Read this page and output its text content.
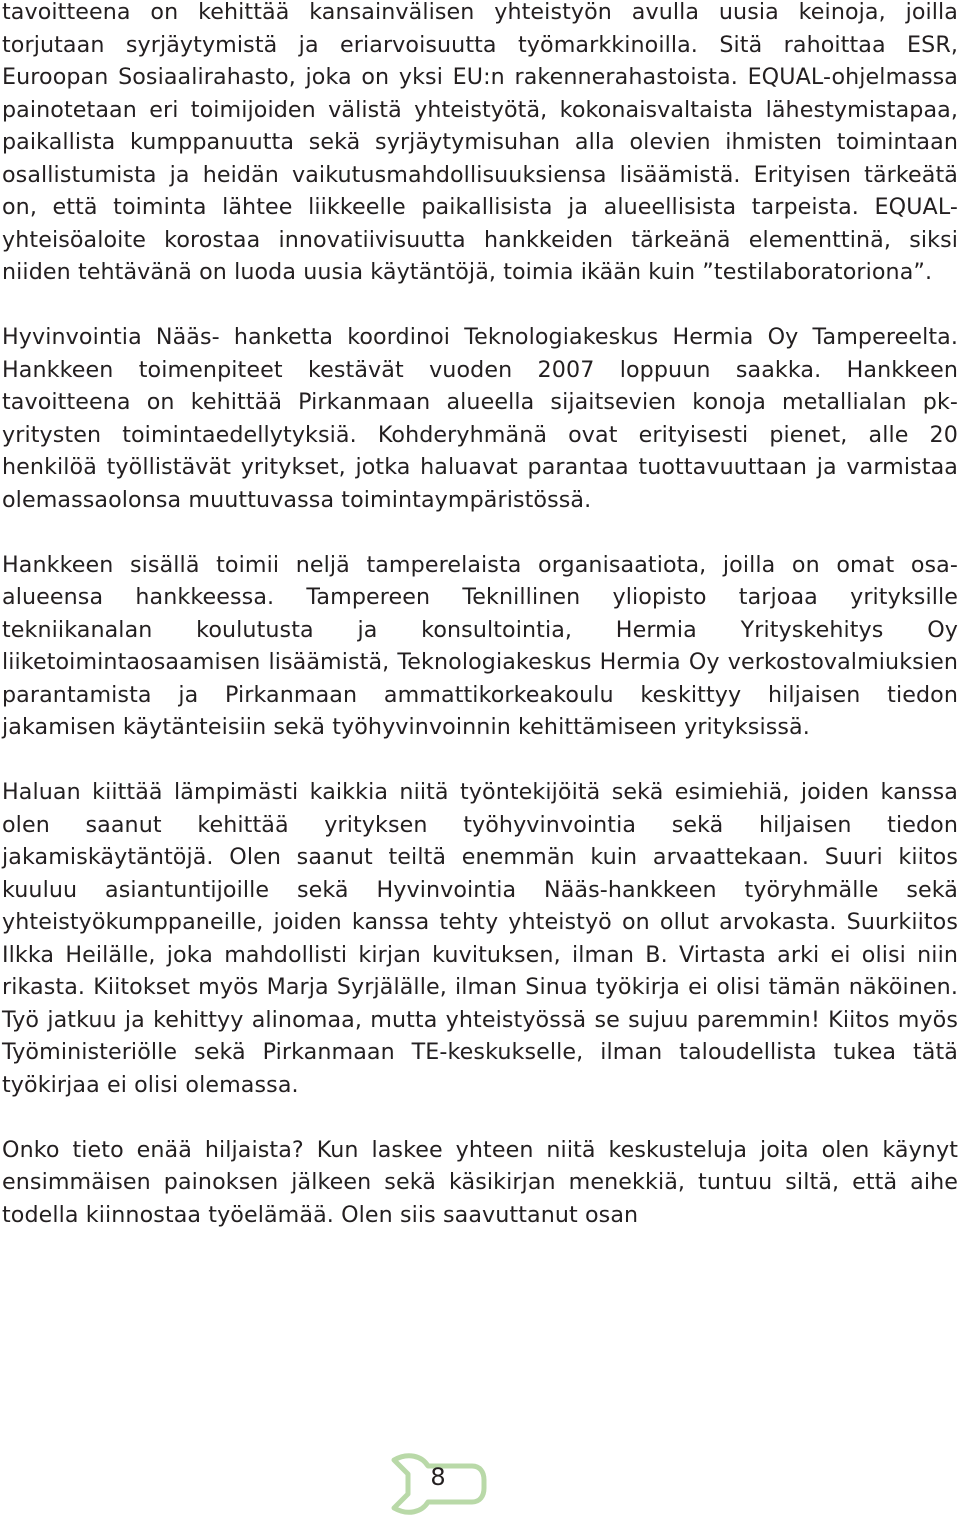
tavoitteena on kehittää kansainvälisen yhteistyön avulla uusia keinoja, joilla torjutaan syrjäytymistä ja eriarvoisuutta työmarkkinoilla. Sitä rahoittaa ESR, Euroopan Sosiaalirahasto, joka on yksi EU:n rakennerahastoista. EQUAL-ohjelmassa painotetaan eri toimijoiden välistä yhteistyötä, kokonaisvaltaista lähestymistapaa, paikallista kumppanuutta sekä syrjäytymisuhan alla olevien ihmisten toimintaan osallistumista ja heidän vaikutusmahdollisuuksiensa lisäämistä. Erityisen tärkeätä on, että toiminta lähtee liikkeelle paikallisista ja alueellisista tarpeista. EQUAL-yhteisöaloite korostaa innovatiivisuutta hankkeiden tärkeänä elementtinä, siksi niiden tehtävänä on luoda uusia käytäntöjä, toimia ikään kuin ”testilaboratoriona”.

Hyvinvointia Nääs- hanketta koordinoi Teknologiakeskus Hermia Oy Tampereelta. Hankkeen toimenpiteet kestävät vuoden 2007 loppuun saakka. Hankkeen tavoitteena on kehittää Pirkanmaan alueella sijaitsevien konoja metallialan pk-yritysten toimintaedellytyksiä. Kohderyhmänä ovat erityisesti pienet, alle 20 henkilöä työllistävät yritykset, jotka haluavat parantaa tuottavuuttaan ja varmistaa olemassaolonsa muuttuvassa toimintaympäristössä.

Hankkeen sisällä toimii neljä tamperelaista organisaatiota, joilla on omat osa-alueensa hankkeessa. Tampereen Teknillinen yliopisto tarjoaa yrityksille tekniikanalan koulutusta ja konsultointia, Hermia Yrityskehitys Oy liiketoimintaosaamisen lisäämistä, Teknologiakeskus Hermia Oy verkostovalmiuksien parantamista ja Pirkanmaan ammattikorkeakoulu keskittyy hiljaisen tiedon jakamisen käytänteisiin sekä työhyvinvoinnin kehittämiseen yrityksissä.

Haluan kiittää lämpimästi kaikkia niitä työntekijöitä sekä esimiehiä, joiden kanssa olen saanut kehittää yrityksen työhyvinvointia sekä hiljaisen tiedon jakamiskäytäntöjä. Olen saanut teiltä enemmän kuin arvaattekaan. Suuri kiitos kuuluu asiantuntijoille sekä Hyvinvointia Nääs-hankkeen työryhmälle sekä yhteistyökumppaneille, joiden kanssa tehty yhteistyö on ollut arvokasta. Suurkiitos Ilkka Heilälle, joka mahdollisti kirjan kuvituksen, ilman B. Virtasta arki ei olisi niin rikasta. Kiitokset myös Marja Syrjälälle, ilman Sinua työkirja ei olisi tämän näköinen. Työ jatkuu ja kehittyy alinomaa, mutta yhteistyössä se sujuu paremmin! Kiitos myös Työministeriölle sekä Pirkanmaan TE-keskukselle, ilman taloudellista tukea tätä työkirjaa ei olisi olemassa.

Onko tieto enää hiljaista? Kun laskee yhteen niitä keskusteluja joita olen käynyt ensimmäisen painoksen jälkeen sekä käsikirjan menekkiä, tuntuu siltä, että aihe todella kiinnostaa työelämää. Olen siis saavuttanut osan

8
